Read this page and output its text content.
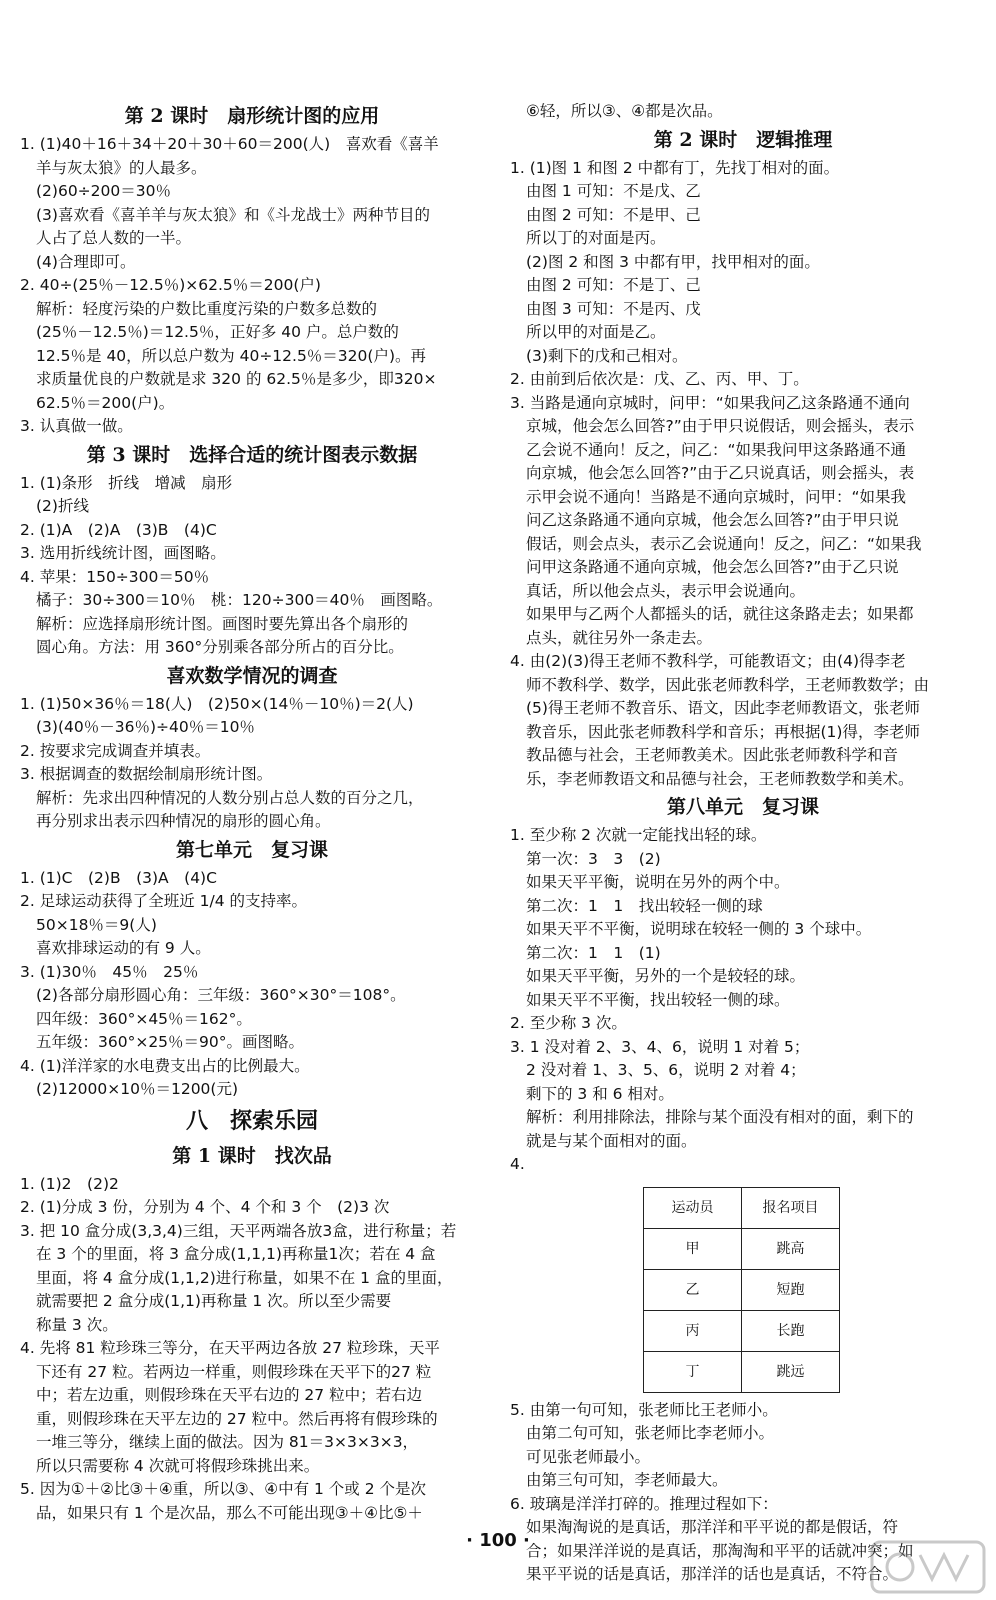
第 2 课时　扇形统计图的应用
1. (1)40＋16＋34＋20＋30＋60＝200(人)　喜欢看《喜羊
羊与灰太狼》的人最多。
(2)60÷200＝30％
(3)喜欢看《喜羊羊与灰太狼》和《斗龙战士》两种节目的
人占了总人数的一半。
(4)合理即可。
2. 40÷(25％－12.5％)×62.5％＝200(户)
解析：轻度污染的户数比重度污染的户数多总数的
(25％－12.5％)＝12.5％，正好多 40 户。总户数的
12.5％是 40，所以总户数为 40÷12.5％＝320(户)。再
求质量优良的户数就是求 320 的 62.5％是多少，即320×
62.5％＝200(户)。
3. 认真做一做。
第 3 课时　选择合适的统计图表示数据
1. (1)条形　折线　增减　扇形
(2)折线
2. (1)A　(2)A　(3)B　(4)C
3. 选用折线统计图，画图略。
4. 苹果：150÷300＝50％
橘子：30÷300＝10％　桃：120÷300＝40％　画图略。
解析：应选择扇形统计图。画图时要先算出各个扇形的
圆心角。方法：用 360°分别乘各部分所占的百分比。
喜欢数学情况的调查
1. (1)50×36％＝18(人)　(2)50×(14％－10％)＝2(人)
(3)(40％－36％)÷40％＝10％
2. 按要求完成调查并填表。
3. 根据调查的数据绘制扇形统计图。
解析：先求出四种情况的人数分别占总人数的百分之几，
再分别求出表示四种情况的扇形的圆心角。
第七单元　复习课
1. (1)C　(2)B　(3)A　(4)C
2. 足球运动获得了全班近 1/4 的支持率。
50×18％＝9(人)
喜欢排球运动的有 9 人。
3. (1)30％　45％　25％
(2)各部分扇形圆心角：三年级：360°×30°＝108°。
四年级：360°×45％＝162°。
五年级：360°×25％＝90°。画图略。
4. (1)洋洋家的水电费支出占的比例最大。
(2)12000×10％＝1200(元)
八　探索乐园
第 1 课时　找次品
1. (1)2　(2)2
2. (1)分成 3 份，分别为 4 个、4 个和 3 个　(2)3 次
3. 把 10 盒分成(3,3,4)三组，天平两端各放3盒，进行称量；若
在 3 个的里面，将 3 盒分成(1,1,1)再称量1次；若在 4 盒
里面，将 4 盒分成(1,1,2)进行称量，如果不在 1 盒的里面，
就需要把 2 盒分成(1,1)再称量 1 次。所以至少需要
称量 3 次。
4. 先将 81 粒珍珠三等分，在天平两边各放 27 粒珍珠，天平
下还有 27 粒。若两边一样重，则假珍珠在天平下的27 粒
中；若左边重，则假珍珠在天平右边的 27 粒中；若右边
重，则假珍珠在天平左边的 27 粒中。然后再将有假珍珠的
一堆三等分，继续上面的做法。因为 81＝3×3×3×3，
所以只需要称 4 次就可将假珍珠挑出来。
5. 因为①＋②比③＋④重，所以③、④中有 1 个或 2 个是次
品，如果只有 1 个是次品，那么不可能出现③＋④比⑤＋
⑥轻，所以③、④都是次品。
第 2 课时　逻辑推理
1. (1)图 1 和图 2 中都有丁，先找丁相对的面。
由图 1 可知：不是戊、乙
由图 2 可知：不是甲、己
所以丁的对面是丙。
(2)图 2 和图 3 中都有甲，找甲相对的面。
由图 2 可知：不是丁、己
由图 3 可知：不是丙、戊
所以甲的对面是乙。
(3)剩下的戊和己相对。
2. 由前到后依次是：戊、乙、丙、甲、丁。
3. 当路是通向京城时，问甲：“如果我问乙这条路通不通向
京城，他会怎么回答?”由于甲只说假话，则会摇头，表示
乙会说不通向！反之，问乙：“如果我问甲这条路通不通
向京城，他会怎么回答?”由于乙只说真话，则会摇头，表
示甲会说不通向！当路是不通向京城时，问甲：“如果我
问乙这条路通不通向京城，他会怎么回答?”由于甲只说
假话，则会点头，表示乙会说通向！反之，问乙：“如果我
问甲这条路通不通向京城，他会怎么回答?”由于乙只说
真话，所以他会点头，表示甲会说通向。
如果甲与乙两个人都摇头的话，就往这条路走去；如果都
点头，就往另外一条走去。
4. 由(2)(3)得王老师不教科学，可能教语文；由(4)得李老
师不教科学、数学，因此张老师教科学，王老师教数学；由
(5)得王老师不教音乐、语文，因此李老师教语文，张老师
教音乐，因此张老师教科学和音乐；再根据(1)得，李老师
教品德与社会，王老师教美术。因此张老师教科学和音
乐，李老师教语文和品德与社会，王老师教数学和美术。
第八单元　复习课
1. 至少称 2 次就一定能找出轻的球。
第一次：3　3　(2)
如果天平平衡，说明在另外的两个中。
第二次：1　1　找出较轻一侧的球
如果天平不平衡，说明球在较轻一侧的 3 个球中。
第二次：1　1　(1)
如果天平平衡，另外的一个是较轻的球。
如果天平不平衡，找出较轻一侧的球。
2. 至少称 3 次。
3. 1 没对着 2、3、4、6，说明 1 对着 5；
2 没对着 1、3、5、6，说明 2 对着 4；
剩下的 3 和 6 相对。
解析：利用排除法，排除与某个面没有相对的面，剩下的
就是与某个面相对的面。
4.
运动员	报名项目
甲	跳高
乙	短跑
丙	长跑
丁	跳远
5. 由第一句可知，张老师比王老师小。
由第二句可知，张老师比李老师小。
可见张老师最小。
由第三句可知，李老师最大。
6. 玻璃是洋洋打碎的。推理过程如下：
如果淘淘说的是真话，那洋洋和平平说的都是假话，符
合；如果洋洋说的是真话，那淘淘和平平的话就冲突；如
果平平说的话是真话，那洋洋的话也是真话，不符合。
· 100 ·
